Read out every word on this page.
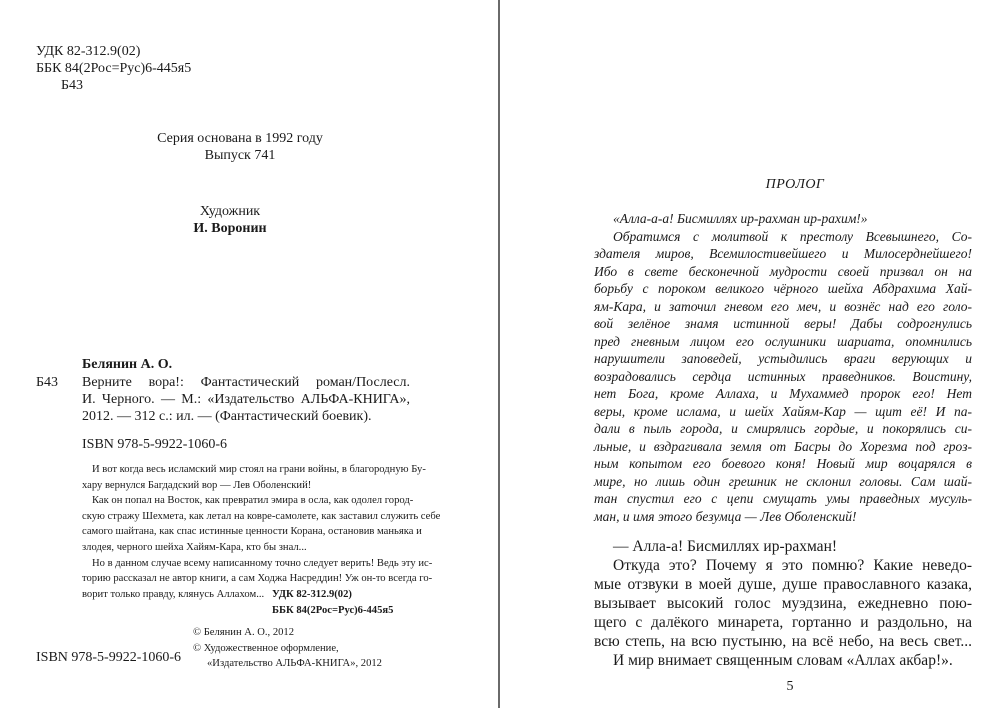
УДК 82-312.9(02)
ББК 84(2Рос=Рус)6-445я5
Б43
Серия основана в 1992 году
Выпуск 741
Художник
И. Воронин
Белянин А. О.
Б43 Верните вора!: Фантастический роман/Послесл.
И. Черного. — М.: «Издательство АЛЬФА-КНИГА»,
2012. — 312 с.: ил. — (Фантастический боевик).
ISBN 978-5-9922-1060-6
И вот когда весь исламский мир стоял на грани войны, в благородную Бу-
хару вернулся Багдадский вор — Лев Оболенский!
Как он попал на Восток, как превратил эмира в осла, как одолел город-
скую стражу Шехмета, как летал на ковре-самолете, как заставил служить себе
самого шайтана, как спас истинные ценности Корана, остановив маньяка и
злодея, черного шейха Хайям-Кара, кто бы знал...
Но в данном случае всему написанному точно следует верить! Ведь эту ис-
торию рассказал не автор книги, а сам Ходжа Насреддин! Уж он-то всегда го-
ворит только правду, клянусь Аллахом... УДК 82-312.9(02)
ББК 84(2Рос=Рус)6-445я5
© Белянин А. О., 2012
© Художественное оформление,
«Издательство АЛЬФА-КНИГА», 2012
ISBN 978-5-9922-1060-6
ПРОЛОГ
«Алла-а-а! Бисмиллях ир-рахман ир-рахим!»
Обратимся с молитвой к престолу Всевышнего, Со-
здателя миров, Всемилостивейшего и Милосерднейшего!
Ибо в свете бесконечной мудрости своей призвал он на
борьбу с пороком великого чёрного шейха Абдрахима Хай-
ям-Кара, и заточил гневом его меч, и вознёс над его голо-
вой зелёное знамя истинной веры! Дабы содрогнулись
пред гневным лицом его ослушники шариата, опомнились
нарушители заповедей, устыдились враги верующих и
возрадовались сердца истинных праведников. Воистину,
нет Бога, кроме Аллаха, и Мухаммед пророк его! Нет
веры, кроме ислама, и шейх Хайям-Кар — щит её! И па-
дали в пыль города, и смирялись гордые, и покорялись си-
льные, и вздрагивала земля от Басры до Хорезма под грoз-
ным копытом его боевого коня! Новый мир воцарялся в
мире, но лишь один грешник не склонил головы. Сам шай-
тан спустил его с цепи смущать умы праведных мусуль-
ман, и имя этого безумца — Лев Оболенский!
— Алла-а! Бисмиллях ир-рахман!
Откуда это? Почему я это помню? Какие неведо-
мые отзвуки в моей душе, душе православного казака,
вызывает высокий голос муэдзина, ежедневно пою-
щего с далёкого минарета, гортанно и раздольно, на
всю степь, на всю пустыню, на всё небо, на весь свет...
И мир внимает священным словам «Аллах акбар!».
5
